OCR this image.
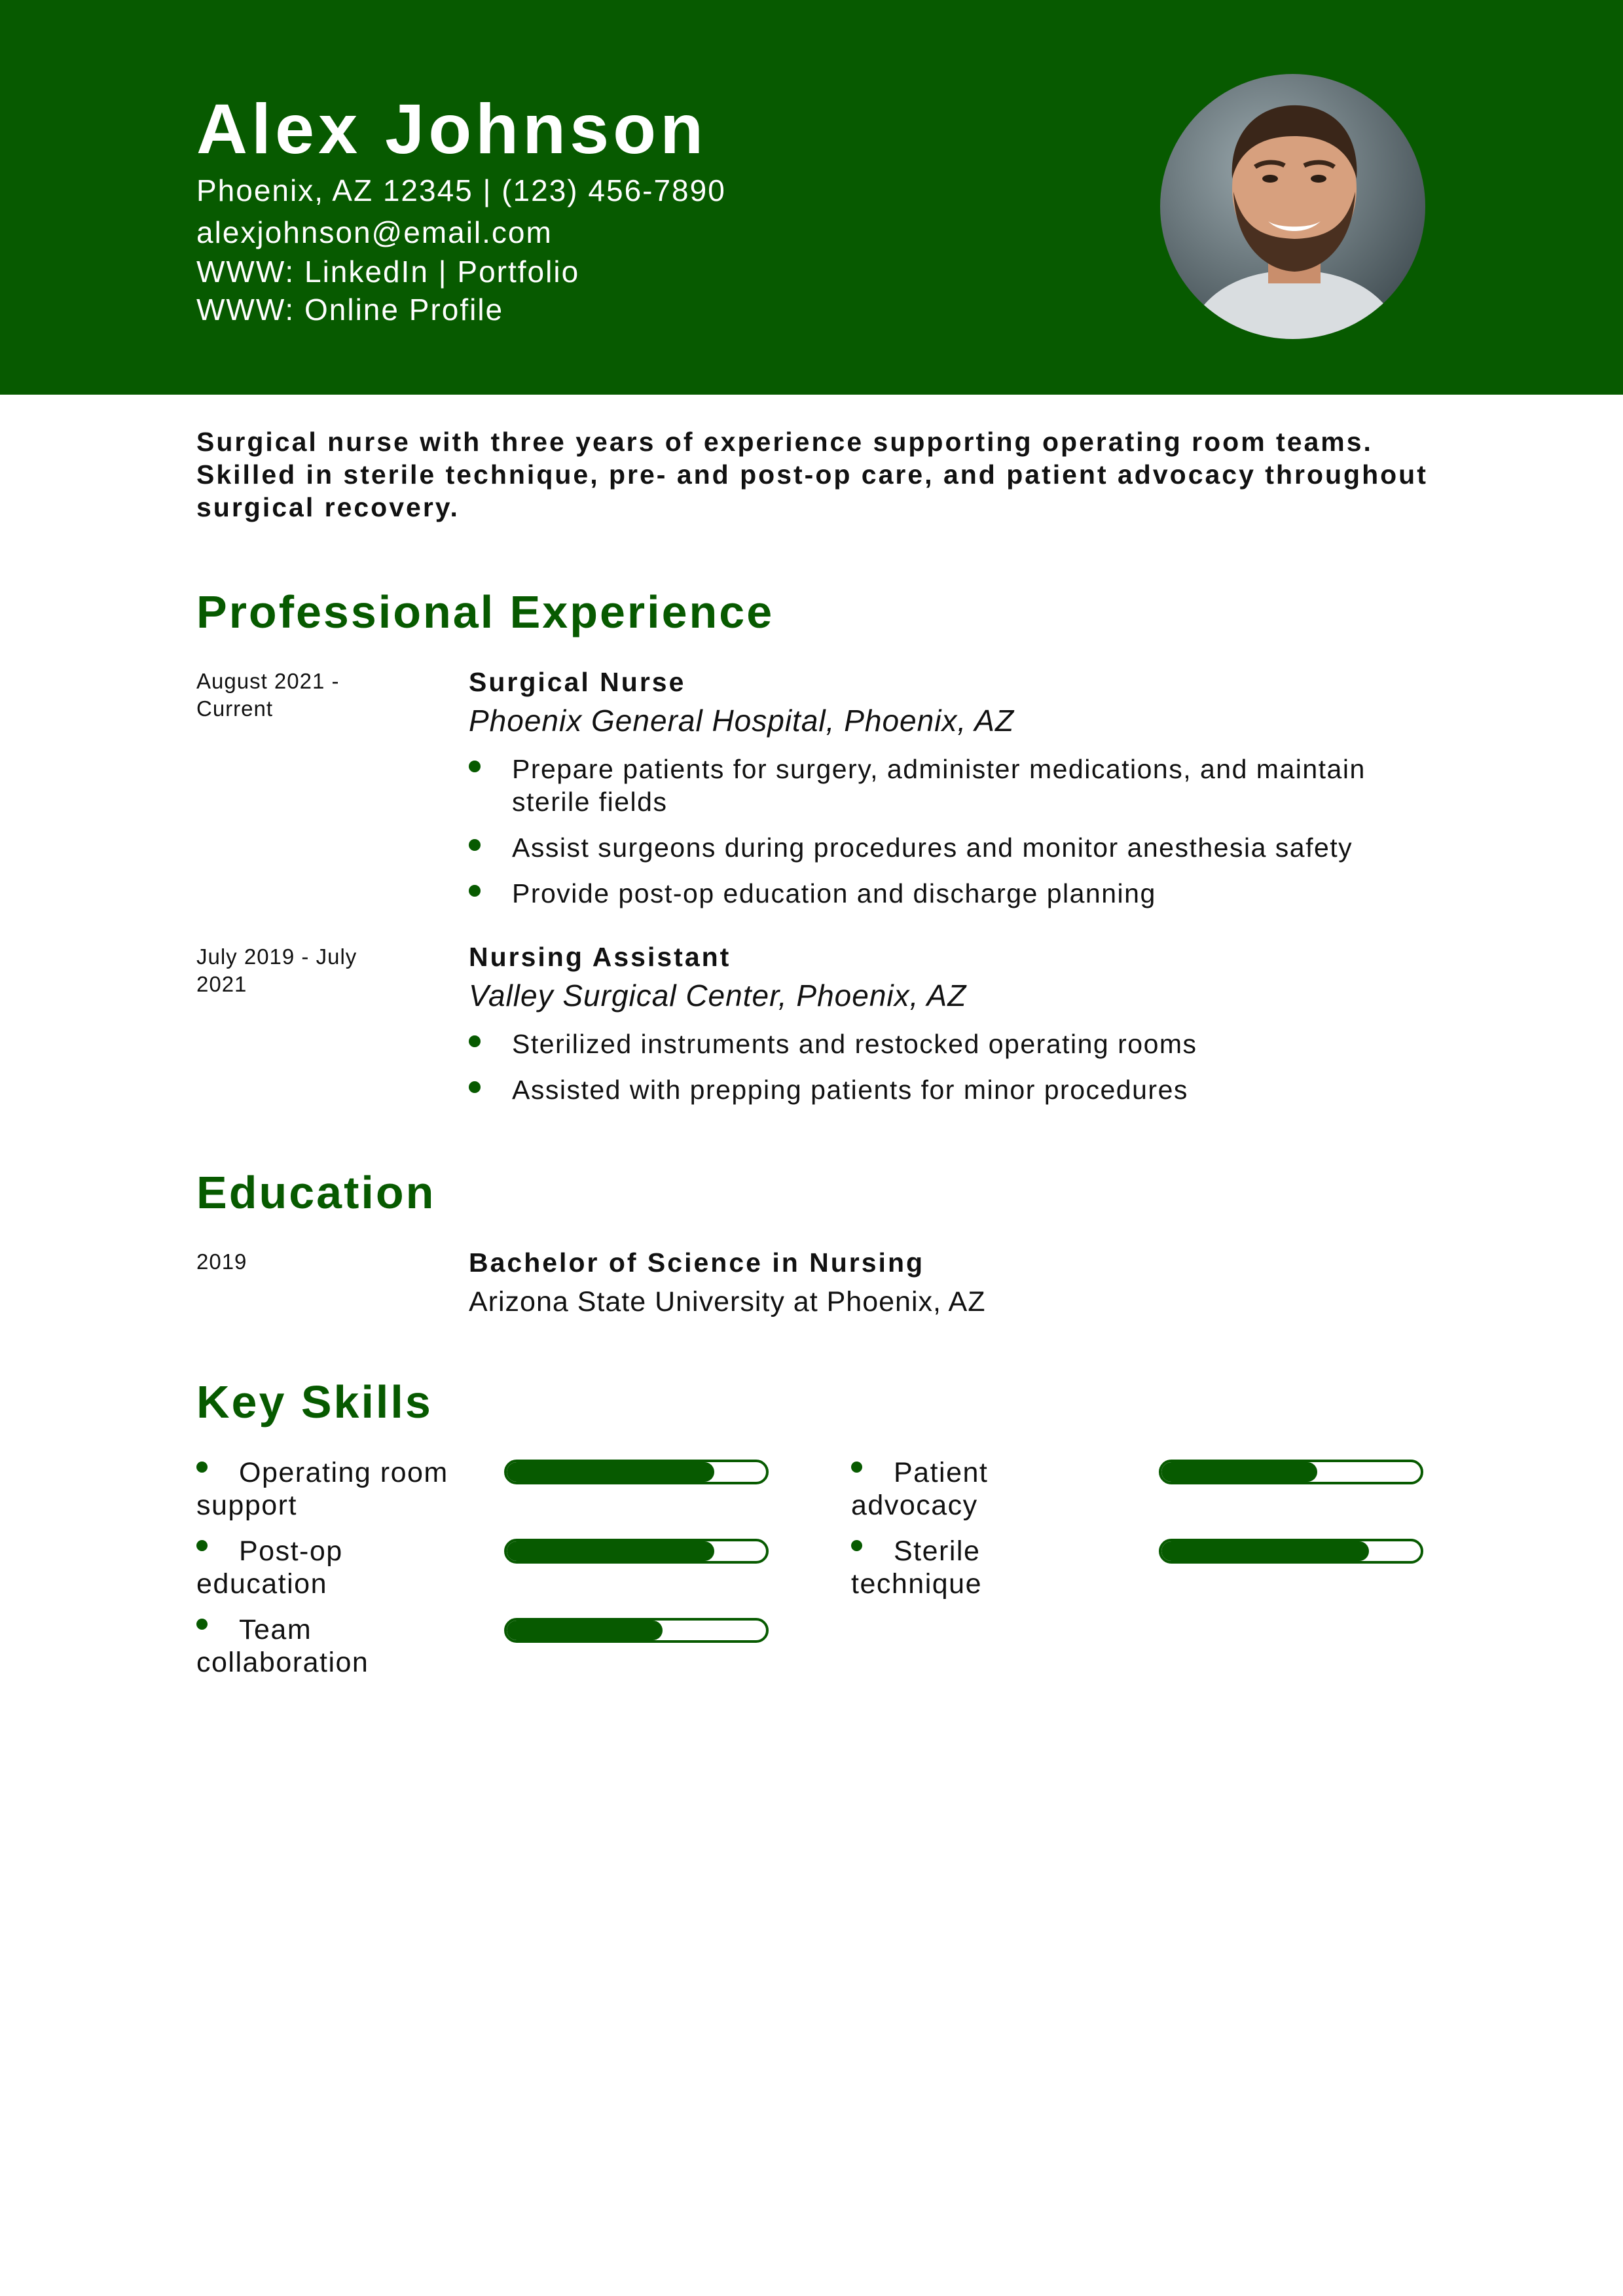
Alex Johnson
Phoenix, AZ 12345 | (123) 456-7890
alexjohnson@email.com
WWW: LinkedIn | Portfolio
WWW: Online Profile
Surgical nurse with three years of experience supporting operating room teams. Skilled in sterile technique, pre- and post-op care, and patient advocacy throughout surgical recovery.
Professional Experience
August 2021 -
Current
Surgical Nurse
Phoenix General Hospital, Phoenix, AZ
Prepare patients for surgery, administer medications, and maintain sterile fields
Assist surgeons during procedures and monitor anesthesia safety
Provide post-op education and discharge planning
July 2019 - July
2021
Nursing Assistant
Valley Surgical Center, Phoenix, AZ
Sterilized instruments and restocked operating rooms
Assisted with prepping patients for minor procedures
Education
2019	Bachelor of Science in Nursing
Arizona State University at Phoenix, AZ
Key Skills
Operating room
support
Post-op
education
Team
collaboration
Patient
advocacy
Sterile
technique
